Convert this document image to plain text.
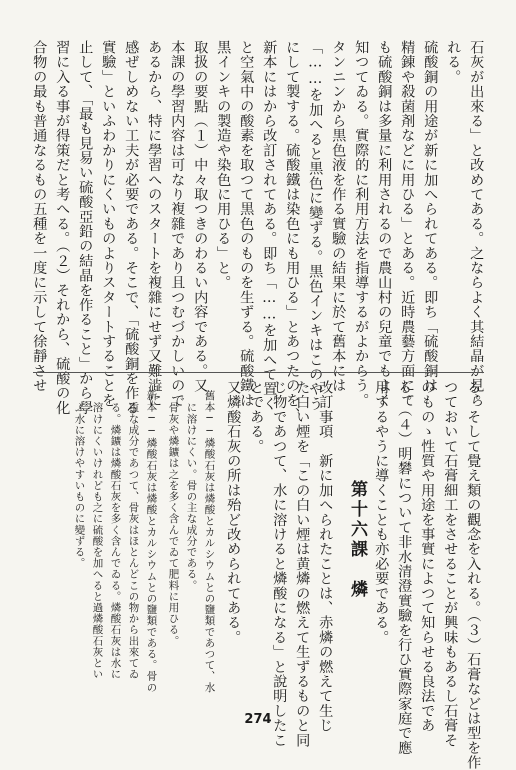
石灰が出來る」と改めてある。之ならよく其結晶が見ら
れる。
硫酸銅の用途が新に加へられてある。即ち「硫酸銅は
精錬や殺菌剤などに用ひる」とある。近時農藝方面にて
も硫酸銅は多量に利用されるので農山村の兒童でもよく
知つてゐる。實際的に利用方法を指導するがよからう。
タンニンから黒色液を作る實驗の結果に於て舊本には
「……を加へると黒色に變ずる。黒色インキはこのやう
にして製する。硫酸鐵は染色にも用ひる」とあつたのを、
新本にはから改訂されてある。即ち「……を加へて置く
と空氣中の酸素を取つて黒色のものを生ずる。硫酸鐵は
黒インキの製造や染色に用ひる」と。
取扱の要點（１）中々取つきのわるい内容である。又
本課の學習内容は可なり複雜であり且つむづかしいので
あるから、特に學習へのスタートを複雜にせず又難澁に
感ぜしめない工夫が必要である。そこで、「硫酸銅を作る
實驗」といふわかりにくいものよりスタートすることを
止して、「最も見易い硫酸亞鉛の結晶を作ること」から學
習に入る事が得策だと考へる。（２）それから、硫酸の化
合物の最も普通なるもの五種を一度に示して徐靜させ
る。そして覺え類の觀念を入れる。（３）石膏などは型を作
つておいて石膏細工をさせることが興味もあるし石膏そ
のものゝ性質や用途を事實によつて知らせる良法であ
る。（４）明礬について非水清澄實驗を行ひ實際家庭で應
用するやうに導くことも亦必要である。
第十六課　燐
改訂事項　新に加へられたことは、赤燐の燃えて生じ
た白い煙を「この白い煙は黄燐の燃えて生ずるものと同
じ物であつて、水に溶けると燐酸になる」と說明したこ
とである。
又燐酸石灰の所は殆ど改められてある。
舊本──燐酸石灰は燐酸とカルシウムとの鹽類であつて、水
に溶けにくい。骨の主な成分である。
骨灰や燐鑛は之を多く含んでゐて肥料に用ひる。
新本──燐酸石灰は燐酸とカルシウムとの鹽類である。骨の
重な成分であつて、骨灰はほとんどこの物から出來てゐ
る。燐鑛は燐酸石灰を多く含んでゐる。燐酸石灰は水に
溶けにくいけれども之に硫酸を加へると過燐酸石灰とい
ふ水に溶けやすいものに變ずる。
274
